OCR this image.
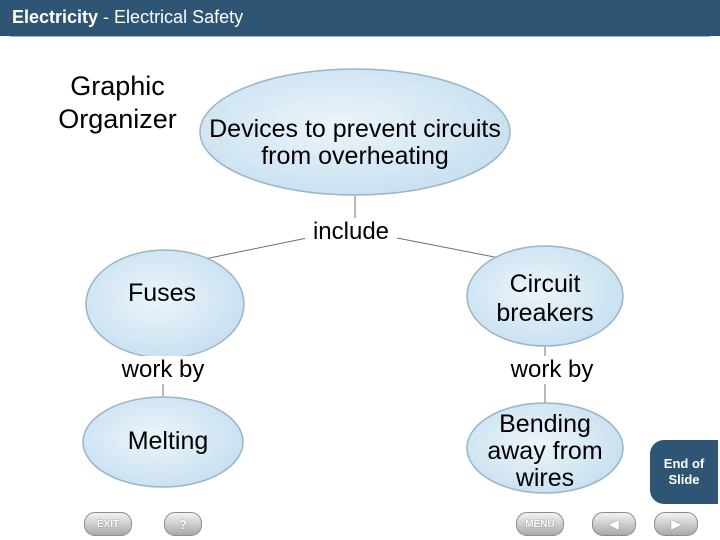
Electricity - Electrical Safety
Graphic Organizer	Devices to prevent circuits from overheating
Fuses	Circuit breakers
Melting
Bending away from wires
include
work by	work by
End of Slide
EXIT	?	MENU	◀	▶
